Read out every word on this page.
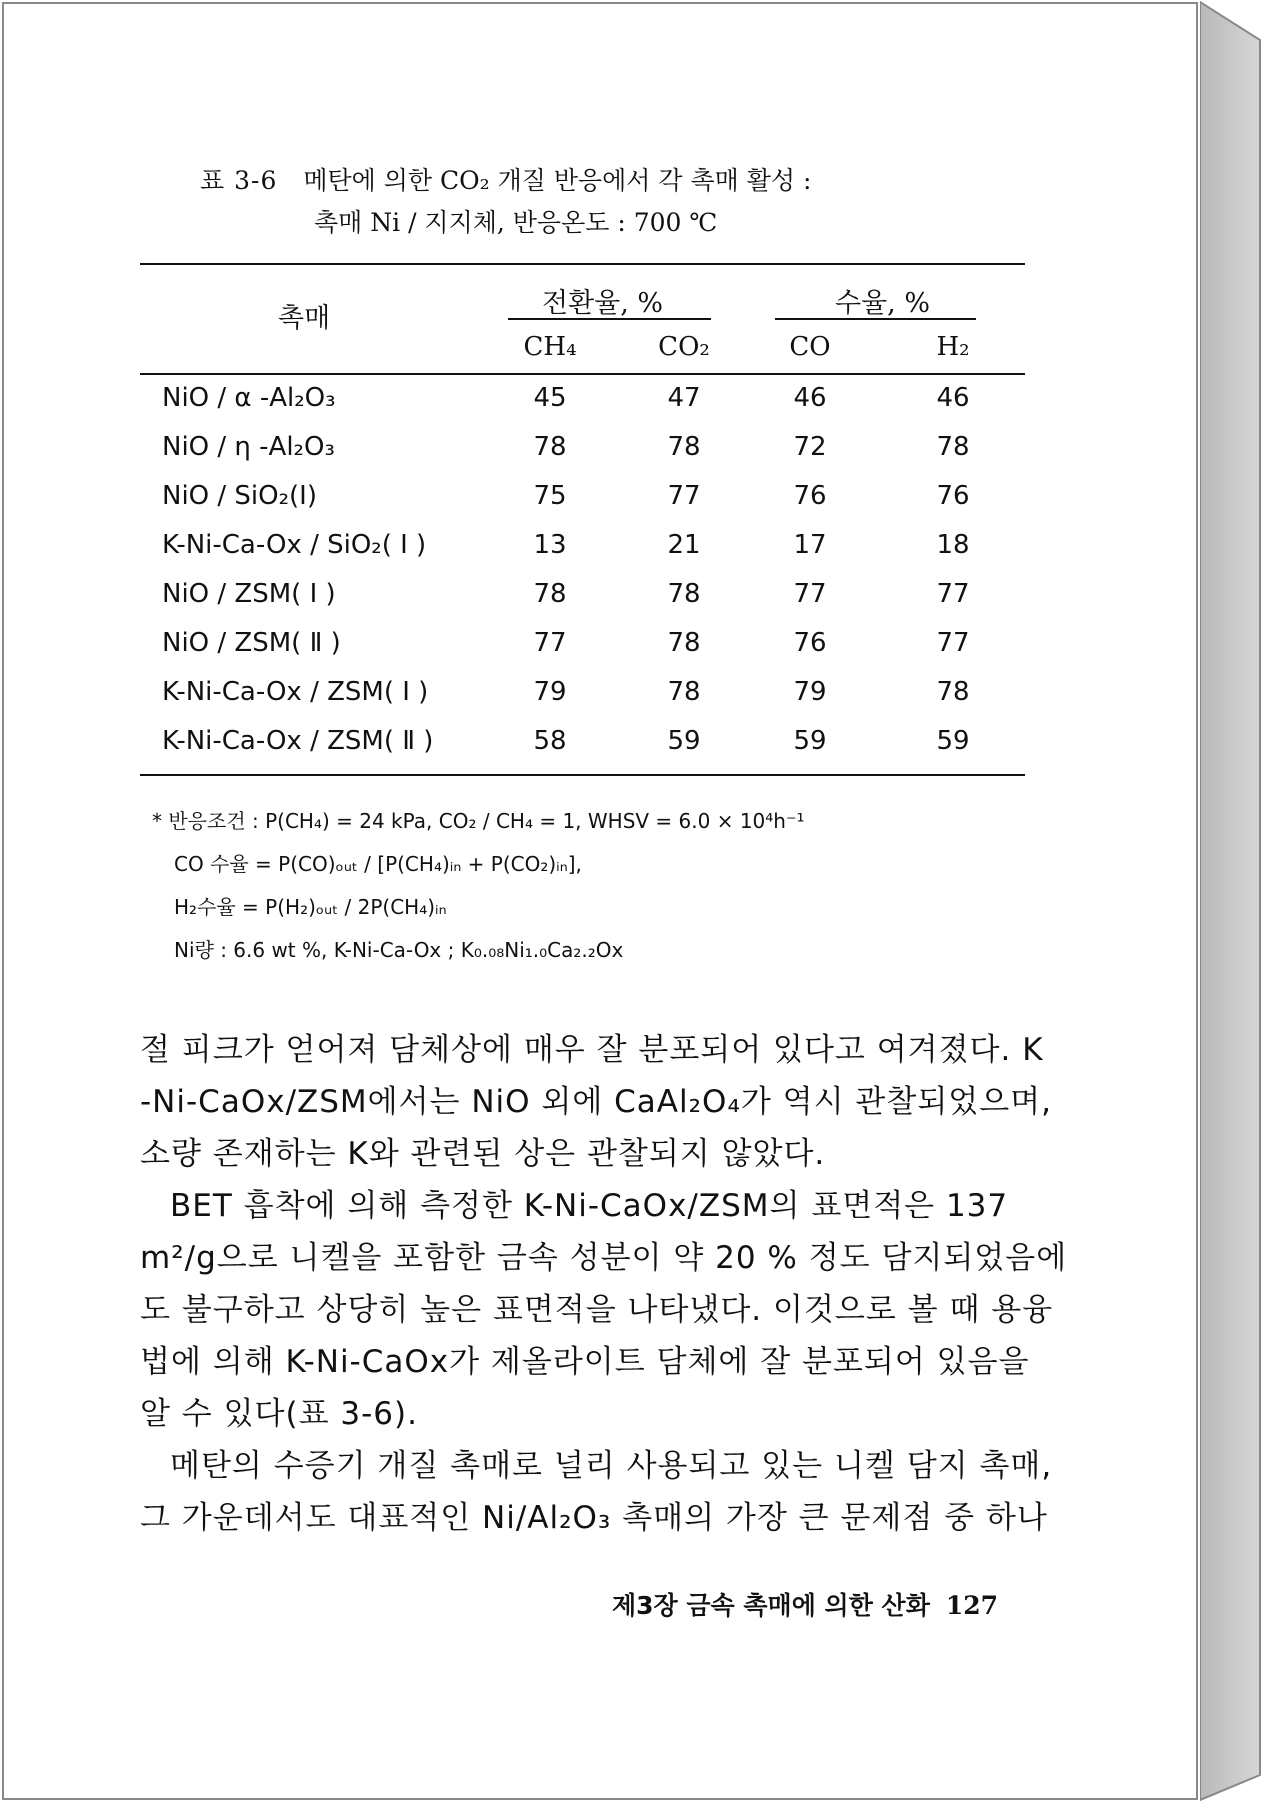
표 3-6 메탄에 의한 CO₂ 개질 반응에서 각 촉매 활성 :
촉매 Ni / 지지체, 반응온도 : 700 ℃
촉매	전환율, %	수율, %
CH₄	CO₂	CO	H₂
NiO / α -Al₂O₃	45	47	46	46
NiO / η -Al₂O₃	78	78	72	78
NiO / SiO₂(I)	75	77	76	76
K-Ni-Ca-Ox / SiO₂( Ⅰ )	13	21	17	18
NiO / ZSM( Ⅰ )	78	78	77	77
NiO / ZSM( Ⅱ )	77	78	76	77
K-Ni-Ca-Ox / ZSM( Ⅰ )	79	78	79	78
K-Ni-Ca-Ox / ZSM( Ⅱ )	58	59	59	59
* 반응조건 : P(CH₄) = 24 kPa, CO₂ / CH₄ = 1, WHSV = 6.0 × 10⁴h⁻¹
CO 수율 = P(CO)ₒᵤₜ / [P(CH₄)ᵢₙ + P(CO₂)ᵢₙ],
H₂수율 = P(H₂)ₒᵤₜ / 2P(CH₄)ᵢₙ
Ni량 : 6.6 wt %, K-Ni-Ca-Ox ; K₀.₀₈Ni₁.₀Ca₂.₂Ox
절 피크가 얻어져 담체상에 매우 잘 분포되어 있다고 여겨졌다. K
-Ni-CaOx/ZSM에서는 NiO 외에 CaAl₂O₄가 역시 관찰되었으며,
소량 존재하는 K와 관련된 상은 관찰되지 않았다.
BET 흡착에 의해 측정한 K-Ni-CaOx/ZSM의 표면적은 137
m²/g으로 니켈을 포함한 금속 성분이 약 20 % 정도 담지되었음에
도 불구하고 상당히 높은 표면적을 나타냈다. 이것으로 볼 때 용융
법에 의해 K-Ni-CaOx가 제올라이트 담체에 잘 분포되어 있음을
알 수 있다(표 3-6).
메탄의 수증기 개질 촉매로 널리 사용되고 있는 니켈 담지 촉매,
그 가운데서도 대표적인 Ni/Al₂O₃ 촉매의 가장 큰 문제점 중 하나
제3장 금속 촉매에 의한 산화 127
